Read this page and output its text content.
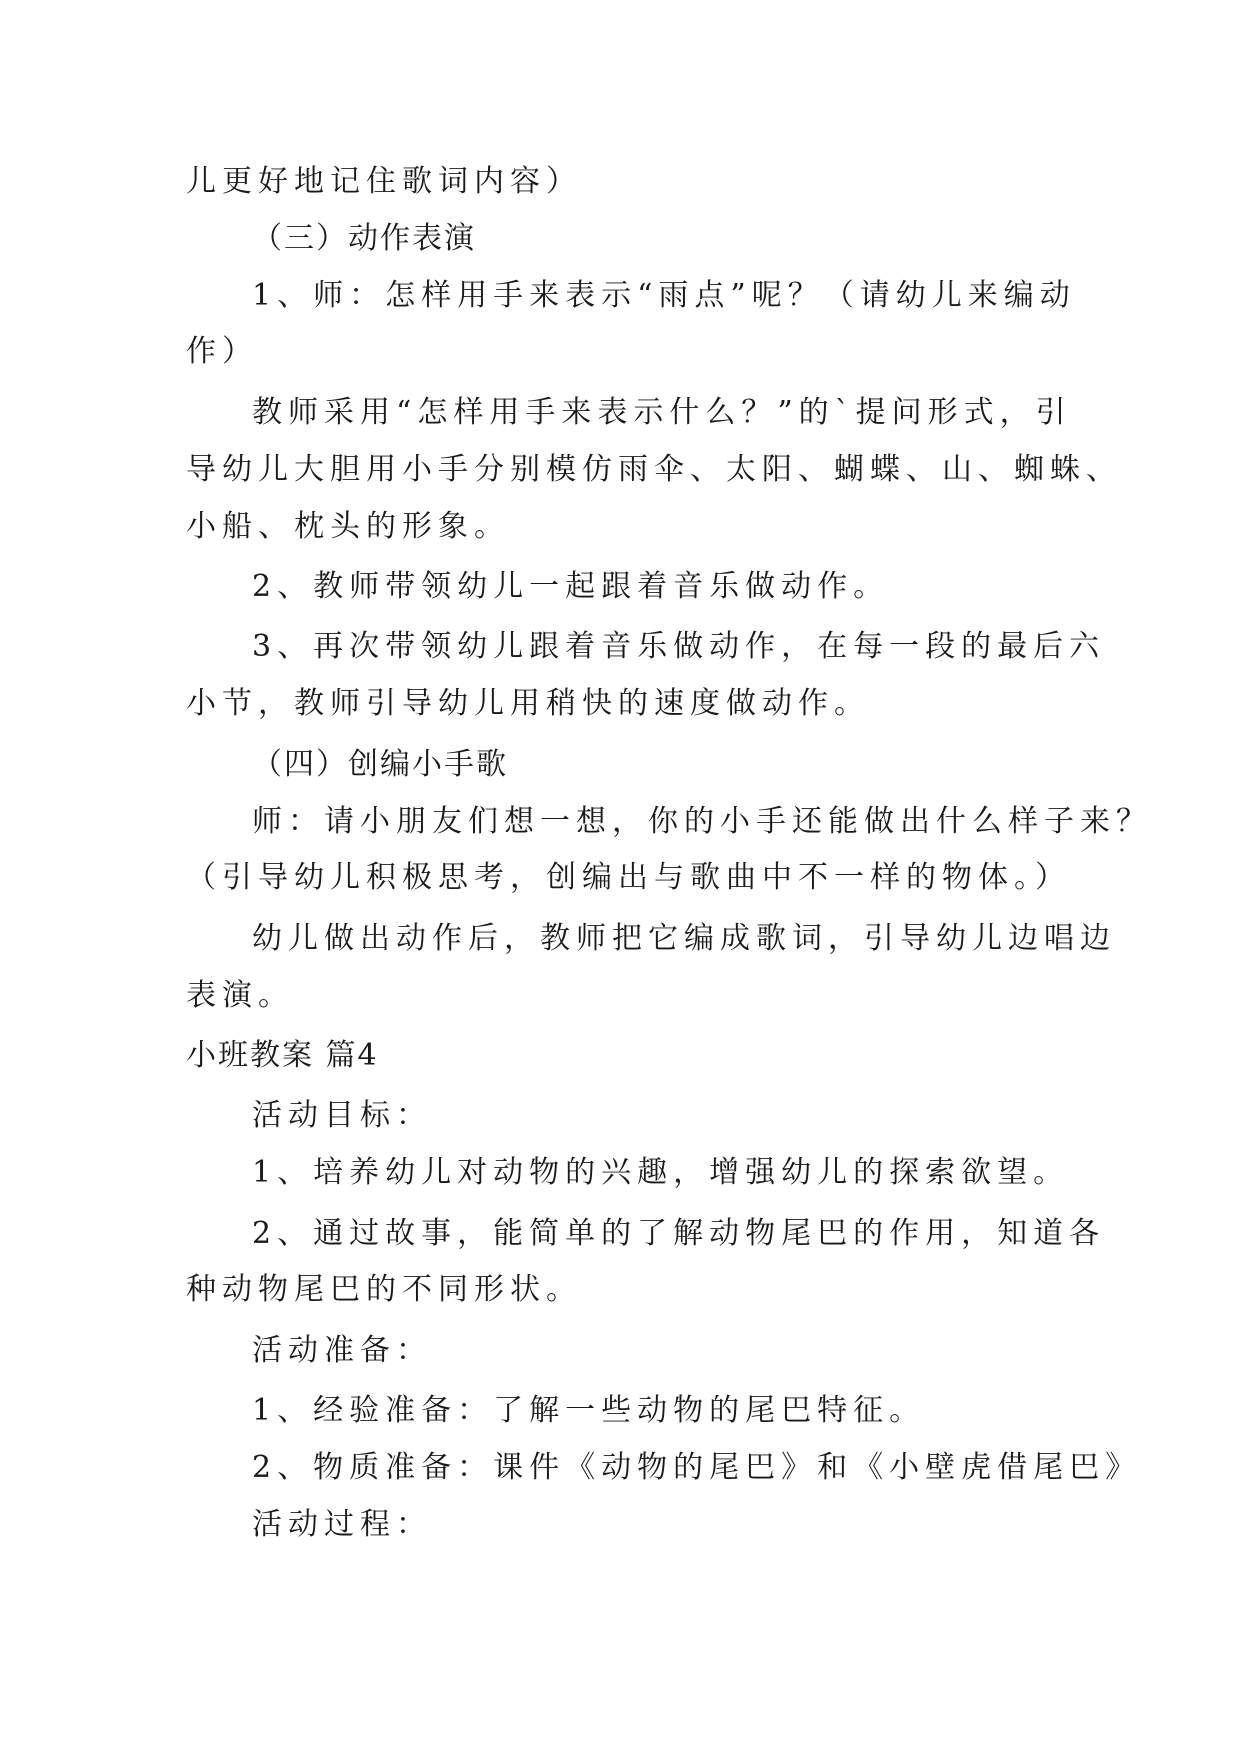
儿更好地记住歌词内容）
（三）动作表演
1、师：怎样用手来表示“雨点”呢？（请幼儿来编动
作）
教师采用“怎样用手来表示什么？”的`提问形式，引
导幼儿大胆用小手分别模仿雨伞、太阳、蝴蝶、山、蜘蛛、
小船、枕头的形象。
2、教师带领幼儿一起跟着音乐做动作。
3、再次带领幼儿跟着音乐做动作，在每一段的最后六
小节，教师引导幼儿用稍快的速度做动作。
（四）创编小手歌
师：请小朋友们想一想，你的小手还能做出什么样子来？
（引导幼儿积极思考，创编出与歌曲中不一样的物体。）
幼儿做出动作后，教师把它编成歌词，引导幼儿边唱边
表演。
小班教案 篇4
活动目标：
1、培养幼儿对动物的兴趣，增强幼儿的探索欲望。
2、通过故事，能简单的了解动物尾巴的作用，知道各
种动物尾巴的不同形状。
活动准备：
1、经验准备：了解一些动物的尾巴特征。
2、物质准备：课件《动物的尾巴》和《小壁虎借尾巴》
活动过程：
